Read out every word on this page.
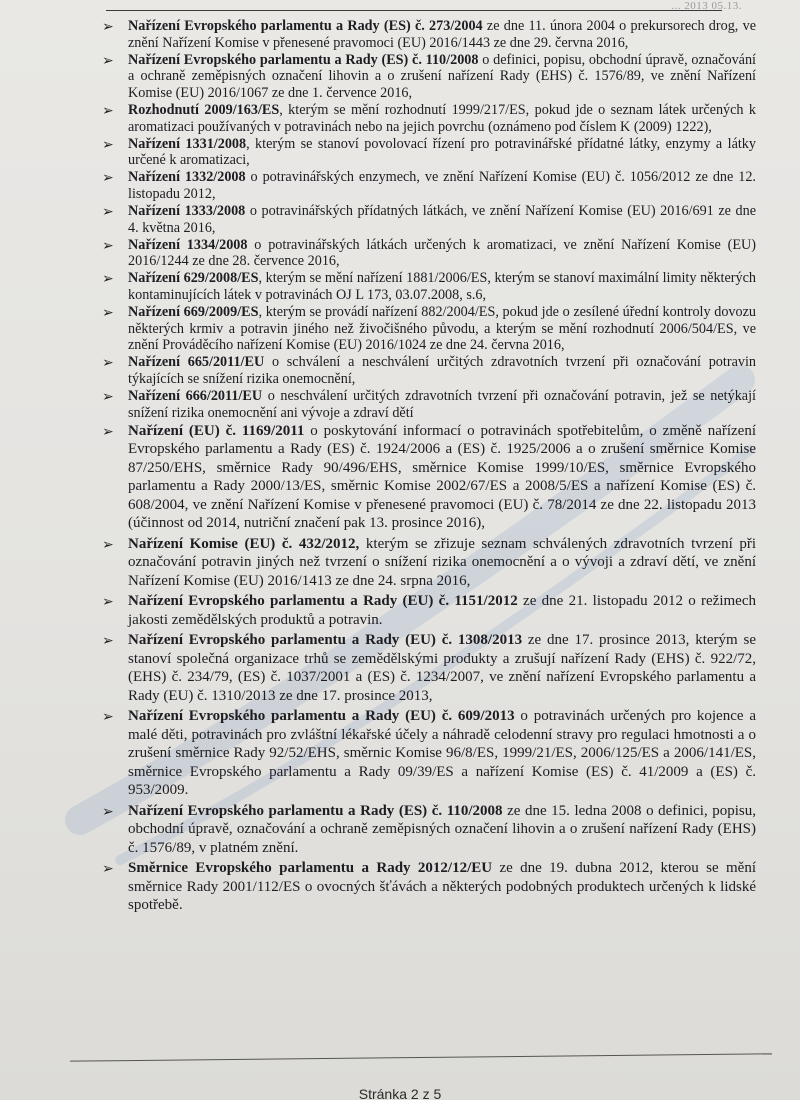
... 2013 05.13.
➢ Nařízení Evropského parlamentu a Rady (ES) č. 273/2004 ze dne 11. února 2004 o prekursorech drog, ve znění Nařízení Komise v přenesené pravomoci (EU) 2016/1443 ze dne 29. června 2016,
➢ Nařízení Evropského parlamentu a Rady (ES) č. 110/2008 o definici, popisu, obchodní úpravě, označování a ochraně zeměpisných označení lihovin a o zrušení nařízení Rady (EHS) č. 1576/89, ve znění Nařízení Komise (EU) 2016/1067 ze dne 1. července 2016,
➢ Rozhodnutí 2009/163/ES, kterým se mění rozhodnutí 1999/217/ES, pokud jde o seznam látek určených k aromatizaci používaných v potravinách nebo na jejich povrchu (oznámeno pod číslem K (2009) 1222),
➢ Nařízení 1331/2008, kterým se stanoví povolovací řízení pro potravinářské přídatné látky, enzymy a látky určené k aromatizaci,
➢ Nařízení 1332/2008 o potravinářských enzymech, ve znění Nařízení Komise (EU) č. 1056/2012 ze dne 12. listopadu 2012,
➢ Nařízení 1333/2008 o potravinářských přídatných látkách, ve znění Nařízení Komise (EU) 2016/691 ze dne 4. května 2016,
➢ Nařízení 1334/2008 o potravinářských látkách určených k aromatizaci, ve znění Nařízení Komise (EU) 2016/1244 ze dne 28. července 2016,
➢ Nařízení 629/2008/ES, kterým se mění nařízení 1881/2006/ES, kterým se stanoví maximální limity některých kontaminujících látek v potravinách OJ L 173, 03.07.2008, s.6,
➢ Nařízení 669/2009/ES, kterým se provádí nařízení 882/2004/ES, pokud jde o zesílené úřední kontroly dovozu některých krmiv a potravin jiného než živočišného původu, a kterým se mění rozhodnutí 2006/504/ES, ve znění Prováděcího nařízení Komise (EU) 2016/1024 ze dne 24. června 2016,
➢ Nařízení 665/2011/EU o schválení a neschválení určitých zdravotních tvrzení při označování potravin týkajících se snížení rizika onemocnění,
➢ Nařízení 666/2011/EU o neschválení určitých zdravotních tvrzení při označování potravin, jež se netýkají snížení rizika onemocnění ani vývoje a zdraví dětí
➢ Nařízení (EU) č. 1169/2011 o poskytování informací o potravinách spotřebitelům, o změně nařízení Evropského parlamentu a Rady (ES) č. 1924/2006 a (ES) č. 1925/2006 a o zrušení směrnice Komise 87/250/EHS, směrnice Rady 90/496/EHS, směrnice Komise 1999/10/ES, směrnice Evropského parlamentu a Rady 2000/13/ES, směrnic Komise 2002/67/ES a 2008/5/ES a nařízení Komise (ES) č. 608/2004, ve znění Nařízení Komise v přenesené pravomoci (EU) č. 78/2014 ze dne 22. listopadu 2013 (účinnost od 2014, nutriční značení pak 13. prosince 2016),
➢ Nařízení Komise (EU) č. 432/2012, kterým se zřizuje seznam schválených zdravotních tvrzení při označování potravin jiných než tvrzení o snížení rizika onemocnění a o vývoji a zdraví dětí, ve znění Nařízení Komise (EU) 2016/1413 ze dne 24. srpna 2016,
➢ Nařízení Evropského parlamentu a Rady (EU) č. 1151/2012 ze dne 21. listopadu 2012 o režimech jakosti zemědělských produktů a potravin.
➢ Nařízení Evropského parlamentu a Rady (EU) č. 1308/2013 ze dne 17. prosince 2013, kterým se stanoví společná organizace trhů se zemědělskými produkty a zrušují nařízení Rady (EHS) č. 922/72, (EHS) č. 234/79, (ES) č. 1037/2001 a (ES) č. 1234/2007, ve znění nařízení Evropského parlamentu a Rady (EU) č. 1310/2013 ze dne 17. prosince 2013,
➢ Nařízení Evropského parlamentu a Rady (EU) č. 609/2013 o potravinách určených pro kojence a malé děti, potravinách pro zvláštní lékařské účely a náhradě celodenní stravy pro regulaci hmotnosti a o zrušení směrnice Rady 92/52/EHS, směrnic Komise 96/8/ES, 1999/21/ES, 2006/125/ES a 2006/141/ES, směrnice Evropského parlamentu a Rady 09/39/ES a nařízení Komise (ES) č. 41/2009 a (ES) č. 953/2009.
➢ Nařízení Evropského parlamentu a Rady (ES) č. 110/2008 ze dne 15. ledna 2008 o definici, popisu, obchodní úpravě, označování a ochraně zeměpisných označení lihovin a o zrušení nařízení Rady (EHS) č. 1576/89, v platném znění.
➢ Směrnice Evropského parlamentu a Rady 2012/12/EU ze dne 19. dubna 2012, kterou se mění směrnice Rady 2001/112/ES o ovocných šťávách a některých podobných produktech určených k lidské spotřebě.
Stránka 2 z 5
